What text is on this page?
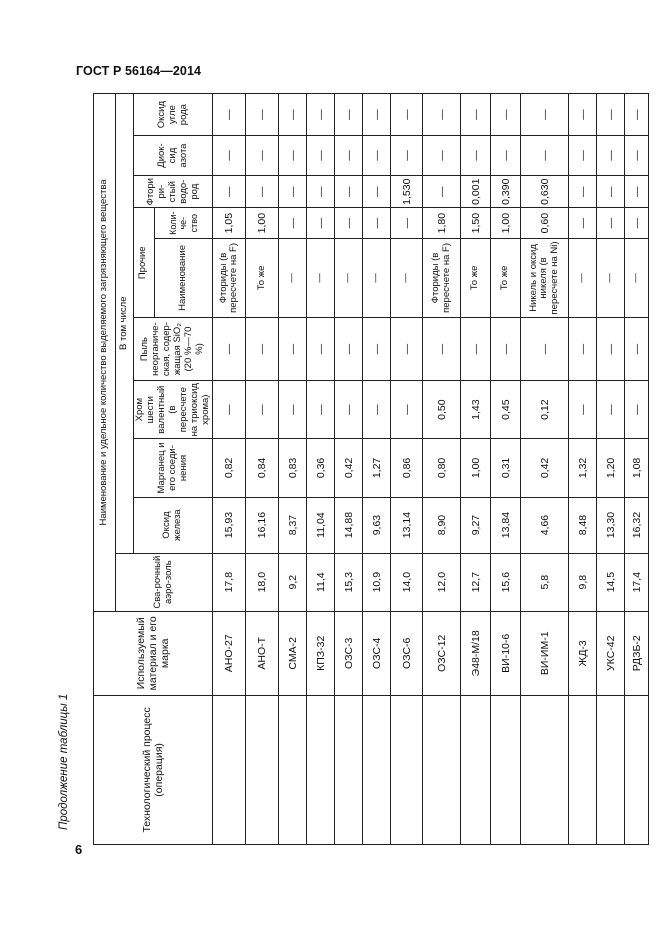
ГОСТ Р 56164—2014
Продолжение таблицы 1
6
Технологический процесс (операция)	Используемый материал и его марка	Наименование и удельное количество выделяемого загрязняющего вещества									
		Сва-рочный аэро-золь	В том числе								
			Оксид железа	Марганец и его соеди-нения	Хром шести валентный (в пересчете на триоксид хрома)	Пыль неорганиче-ская, содер-жащая SiO₂ (20 %—70 %)	Прочие		Фтори ри-стый водо-род	Диок-сид азота	Оксид угле рода
							Наименование	Коли-че-ство			
	АНО-27	17,8	15,93	0,82	—	—	Фториды (в пересчете на F)	1,05	—	—	—
	АНО-Т	18,0	16,16	0,84	—	—	То же	1,00	—	—	—
	СМА-2	9,2	8,37	0,83	—	—	—	—	—	—	—
	КПЗ-32	11,4	11,04	0,36	—	—	—	—	—	—	—
	ОЗС-3	15,3	14,88	0,42	—	—	—	—	—	—	—
	ОЗС-4	10,9	9,63	1,27	—	—	—	—	—	—	—
	ОЗС-6	14,0	13,14	0,86	—	—	—	—	1,530	—	—
	ОЗС-12	12,0	8,90	0,80	0,50	—	Фториды (в пересчете на F)	1,80	—	—	—
	Э48-М/18	12,7	9,27	1,00	1,43	—	То же	1,50	0,001	—	—
	ВИ-10-6	15,6	13,84	0,31	0,45	—	То же	1,00	0,390	—	—
	ВИ-ИМ-1	5,8	4,66	0,42	0,12	—	Никель и оксид никеля (в пересчете на Ni)	0,60	0,630	—	—
	ЖД-3	9,8	8,48	1,32	—	—	—	—	—	—	—
	УКС-42	14,5	13,30	1,20	—	—	—	—	—	—	—
	РДЗБ-2	17,4	16,32	1,08	—	—	—	—	—	—	—
